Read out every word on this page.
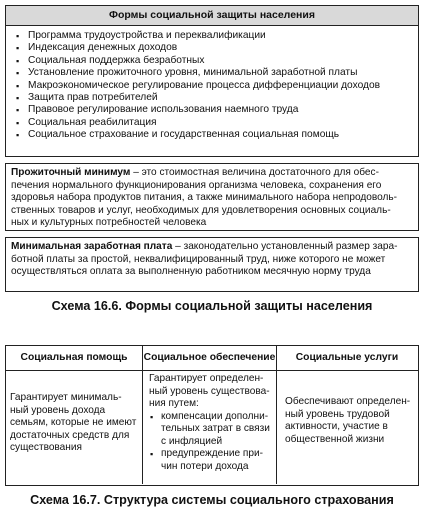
Формы социальной защиты населения
▪ Программа трудоустройства и переквалификации
▪ Индексация денежных доходов
▪ Социальная поддержка безработных
▪ Установление прожиточного уровня, минимальной заработной платы
▪ Макроэкономическое регулирование процесса дифференциации доходов
▪ Защита прав потребителей
▪ Правовое регулирование использования наемного труда
▪ Социальная реабилитация
▪ Социальное страхование и государственная социальная помощь
Прожиточный минимум – это стоимостная величина достаточного для обес-
печения нормального функционирования организма человека, сохранения его
здоровья набора продуктов питания, а также минимального набора непродоволь-
ственных товаров и услуг, необходимых для удовлетворения основных социаль-
ных и культурных потребностей человека
Минимальная заработная плата – законодательно установленный размер зара-
ботной платы за простой, неквалифицированный труд, ниже которого не может
осуществляться оплата за выполненную работником месячную норму труда
Схема 16.6. Формы социальной защиты населения
Социальная помощь	Социальное обеспечение	Социальные услуги
Гарантирует минималь-
ный уровень дохода
семьям, которые не имеют
достаточных средств для
существования
Гарантирует определен-
ный уровень существова-
ния путем:
▪ компенсации дополни-
тельных затрат в связи
с инфляцией
▪ предупреждение при-
чин потери дохода
Обеспечивают определен-
ный уровень трудовой
активности, участие в
общественной жизни
Схема 16.7. Структура системы социального страхования
